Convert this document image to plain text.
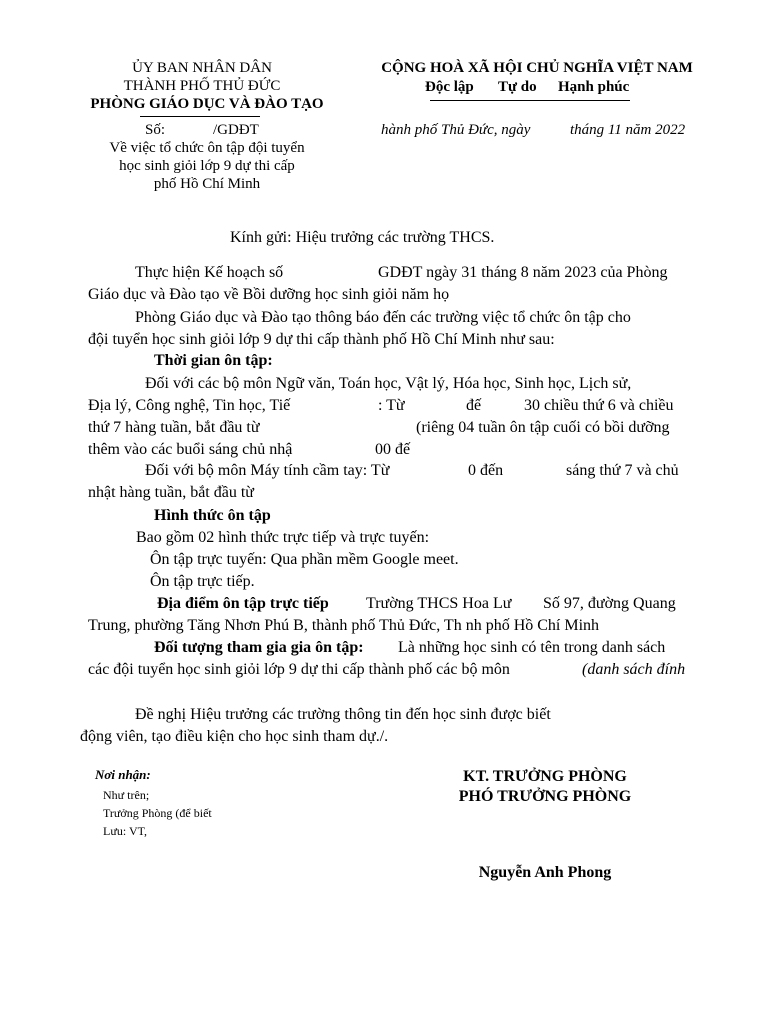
ỦY BAN NHÂN DÂN
THÀNH PHỐ THỦ ĐỨC
PHÒNG GIÁO DỤC VÀ ĐÀO TẠO
Số:	/GDĐT
Về việc tổ chức ôn tập đội tuyển
học sinh giỏi lớp 9 dự thi cấp
phố Hồ Chí Minh
CỘNG HOÀ XÃ HỘI CHỦ NGHĨA VIỆT NAM
Độc lập Tự do Hạnh phúc
hành phố Thủ Đức, ngày	tháng 11 năm 2022
Kính gửi: Hiệu trưởng các trường THCS.
Thực hiện Kế hoạch số	GDĐT ngày 31 tháng 8 năm 2023 của Phòng
Giáo dục và Đào tạo về Bồi dưỡng học sinh giỏi năm họ
Phòng Giáo dục và Đào tạo thông báo đến các trường việc tổ chức ôn tập cho
đội tuyển học sinh giỏi lớp 9 dự thi cấp thành phố Hồ Chí Minh như sau:
Thời gian ôn tập:
Đối với các bộ môn Ngữ văn, Toán học, Vật lý, Hóa học, Sinh học, Lịch sử,
Địa lý, Công nghệ, Tin học, Tiế	: Từ	đế	30 chiều thứ 6 và chiều
thứ 7 hàng tuần, bắt đầu từ	(riêng 04 tuần ôn tập cuối có bồi dưỡng
thêm vào các buổi sáng chủ nhậ	00 đế
Đối với bộ môn Máy tính cầm tay: Từ	0 đến	sáng thứ 7 và chủ
nhật hàng tuần, bắt đầu từ
Hình thức ôn tập
Bao gồm 02 hình thức trực tiếp và trực tuyến:
Ôn tập trực tuyến: Qua phần mềm Google meet.
Ôn tập trực tiếp.
Địa điểm ôn tập trực tiếp Trường THCS Hoa Lư Số 97, đường Quang
Trung, phường Tăng Nhơn Phú B, thành phố Thủ Đức, Th nh phố Hồ Chí Minh
Đối tượng tham gia gia ôn tập: Là những học sinh có tên trong danh sách
các đội tuyển học sinh giỏi lớp 9 dự thi cấp thành phố các bộ môn	(danh sách đính
Đề nghị Hiệu trưởng các trường thông tin đến học sinh được biết
động viên, tạo điều kiện cho học sinh tham dự./.
Nơi nhận:
Như trên;
Trưởng Phòng (để biết
Lưu: VT,
KT. TRƯỞNG PHÒNG
PHÓ TRƯỞNG PHÒNG
Nguyễn Anh Phong
